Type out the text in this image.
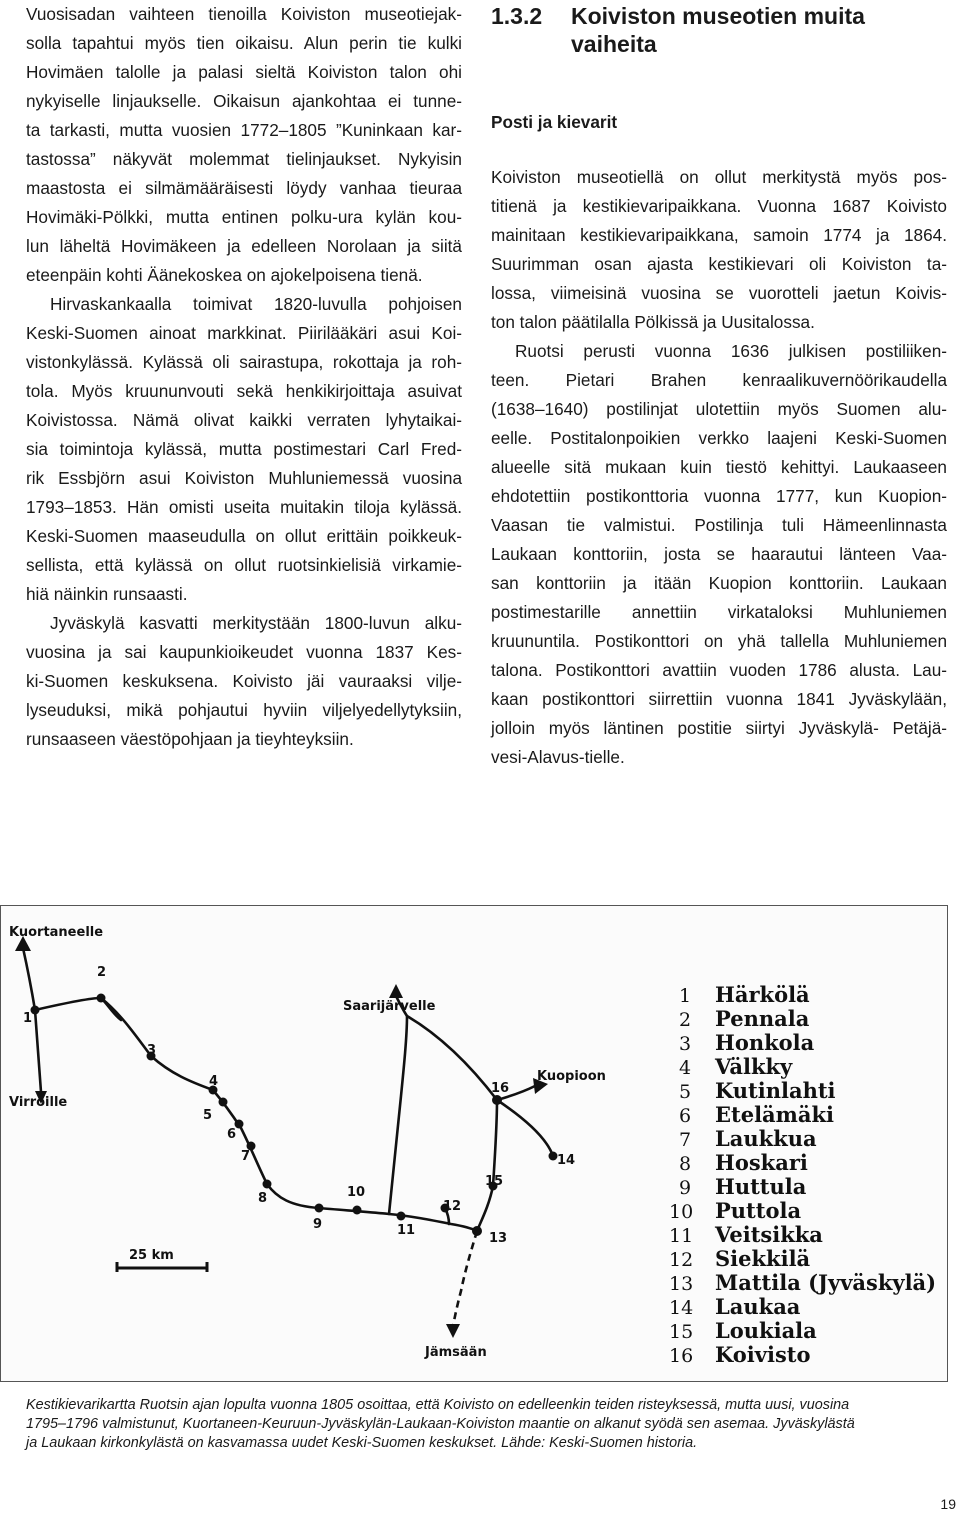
Vuosisadan vaihteen tienoilla Koiviston museotiejak-
solla tapahtui myös tien oikaisu. Alun perin tie kulki
Hovimäen talolle ja palasi sieltä Koiviston talon ohi
nykyiselle linjaukselle. Oikaisun ajankohtaa ei tunne-
ta tarkasti, mutta vuosien 1772–1805 ”Kuninkaan kar-
tastossa” näkyvät molemmat tielinjaukset. Nykyisin
maastosta ei silmämääräisesti löydy vanhaa tieuraa
Hovimäki-Pölkki, mutta entinen polku-ura kylän kou-
lun läheltä Hovimäkeen ja edelleen Norolaan ja siitä
eteenpäin kohti Äänekoskea on ajokelpoisena tienä.

Hirvaskankaalla toimivat 1820-luvulla pohjoisen
Keski-Suomen ainoat markkinat. Piirilääkäri asui Koi-
vistonkylässä. Kylässä oli sairastupa, rokottaja ja roh-
tola. Myös kruununvouti sekä henkikirjoittaja asuivat
Koivistossa. Nämä olivat kaikki verraten lyhytaikai-
sia toimintoja kylässä, mutta postimestari Carl Fred-
rik Essbjörn asui Koiviston Muhluniemessä vuosina
1793–1853. Hän omisti useita muitakin tiloja kylässä.
Keski-Suomen maaseudulla on ollut erittäin poikkeuk-
sellista, että kylässä on ollut ruotsinkielisiä virkamie-
hiä näinkin runsaasti.

Jyväskylä kasvatti merkitystään 1800-luvun alku-
vuosina ja sai kaupunkioikeudet vuonna 1837 Kes-
ki-Suomen keskuksena. Koivisto jäi vauraaksi vilje-
lyseuduksi, mikä pohjautui hyviin viljelyedellytyksiin,
runsaaseen väestöpohjaan ja tieyhteyksiin.

1.3.2 Koiviston museotien muita
vaiheita
Posti ja kievarit

Koiviston museotiellä on ollut merkitystä myös pos-
titienä ja kestikievaripaikkana. Vuonna 1687 Koivisto
mainitaan kestikievaripaikkana, samoin 1774 ja 1864.
Suurimman osan ajasta kestikievari oli Koiviston ta-
lossa, viimeisinä vuosina se vuorotteli jaetun Koivis-
ton talon päätilalla Pölkissä ja Uusitalossa.

Ruotsi perusti vuonna 1636 julkisen postiliiken-
teen. Pietari Brahen kenraalikuvernöörikaudella
(1638–1640) postilinjat ulotettiin myös Suomen alu-
eelle. Postitalonpoikien verkko laajeni Keski-Suomen
alueelle sitä mukaan kuin tiestö kehittyi. Laukaaseen
ehdotettiin postikonttoria vuonna 1777, kun Kuopion-
Vaasan tie valmistui. Postilinja tuli Hämeenlinnasta
Laukaan konttoriin, josta se haarautui länteen Vaa-
san konttoriin ja itään Kuopion konttoriin. Laukaan
postimestarille annettiin virkataloksi Muhluniemen
kruununtila. Postikonttori on yhä tallella Muhluniemen
talona. Postikonttori avattiin vuoden 1786 alusta. Lau-
kaan postikonttori siirrettiin vuonna 1841 Jyväskylään,
jolloin myös läntinen postitie siirtyi Jyväskylä- Petäjä-
vesi-Alavus-tielle.

1
2
3
4
5
6
7
8
9
10
11
12
13
14
15
16
Kuortaneelle
Virroille
Saarijärvelle
Kuopioon
Jämsään
25 km
1 Härkölä
2 Pennala
3 Honkola
4 Välkky
5 Kutinlahti
6 Etelämäki
7 Laukkua
8 Hoskari
9 Huttula
10 Puttola
11 Veitsikka
12 Siekkilä
13 Mattila (Jyväskylä)
14 Laukaa
15 Loukiala
16 Koivisto
Kestikievarikartta Ruotsin ajan lopulta vuonna 1805 osoittaa, että Koivisto on edelleenkin teiden risteyksessä, mutta uusi, vuosina
1795–1796 valmistunut, Kuortaneen-Keuruun-Jyväskylän-Laukaan-Koiviston maantie on alkanut syödä sen asemaa. Jyväskylästä
ja Laukaan kirkonkylästä on kasvamassa uudet Keski-Suomen keskukset. Lähde: Keski-Suomen historia.
19
